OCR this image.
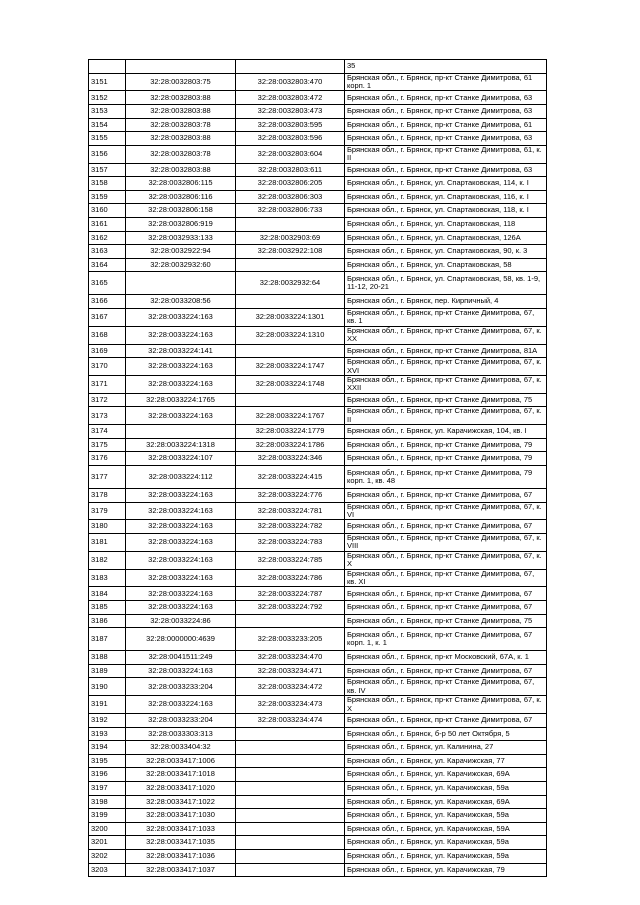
			35
3151	32:28:0032803:75	32:28:0032803:470	Брянская обл., г. Брянск, пр-кт Станке Димитрова, 61 корп. 1
3152	32:28:0032803:88	32:28:0032803:472	Брянская обл., г. Брянск, пр-кт Станке Димитрова, 63
3153	32:28:0032803:88	32:28:0032803:473	Брянская обл., г. Брянск, пр-кт Станке Димитрова, 63
3154	32:28:0032803:78	32:28:0032803:595	Брянская обл., г. Брянск, пр-кт Станке Димитрова, 61
3155	32:28:0032803:88	32:28:0032803:596	Брянская обл., г. Брянск, пр-кт Станке Димитрова, 63
3156	32:28:0032803:78	32:28:0032803:604	Брянская обл., г. Брянск, пр-кт Станке Димитрова, 61, к. II
3157	32:28:0032803:88	32:28:0032803:611	Брянская обл., г. Брянск, пр-кт Станке Димитрова, 63
3158	32:28:0032806:115	32:28:0032806:205	Брянская обл., г. Брянск, ул. Спартаковская, 114, к. I
3159	32:28:0032806:116	32:28:0032806:303	Брянская обл., г. Брянск, ул. Спартаковская, 116, к. I
3160	32:28:0032806:158	32:28:0032806:733	Брянская обл., г. Брянск, ул. Спартаковская, 118, к. I
3161	32:28:0032806:919		Брянская обл., г. Брянск, ул. Спартаковская, 118
3162	32:28:0032933:133	32:28:0032903:69	Брянская обл., г. Брянск, ул. Спартаковская, 126А
3163	32:28:0032922:94	32:28:0032922:108	Брянская обл., г. Брянск, ул. Спартаковская, 90, к. 3
3164	32:28:0032932:60		Брянская обл., г. Брянск, ул. Спартаковская, 58
3165		32:28:0032932:64	Брянская обл., г. Брянск, ул. Спартаковская, 58, кв. 1-9, 11-12, 20-21
3166	32:28:0033208:56		Брянская обл., г. Брянск, пер. Кирпичный, 4
3167	32:28:0033224:163	32:28:0033224:1301	Брянская обл., г. Брянск, пр-кт Станке Димитрова, 67, кв. 1
3168	32:28:0033224:163	32:28:0033224:1310	Брянская обл., г. Брянск, пр-кт Станке Димитрова, 67, к. XX
3169	32:28:0033224:141		Брянская обл., г. Брянск, пр-кт Станке Димитрова, 81А
3170	32:28:0033224:163	32:28:0033224:1747	Брянская обл., г. Брянск, пр-кт Станке Димитрова, 67, к. XVI
3171	32:28:0033224:163	32:28:0033224:1748	Брянская обл., г. Брянск, пр-кт Станке Димитрова, 67, к. XXII
3172	32:28:0033224:1765		Брянская обл., г. Брянск, пр-кт Станке Димитрова, 75
3173	32:28:0033224:163	32:28:0033224:1767	Брянская обл., г. Брянск, пр-кт Станке Димитрова, 67, к. II
3174		32:28:0033224:1779	Брянская обл., г. Брянск, ул. Карачижская, 104, кв. I
3175	32:28:0033224:1318	32:28:0033224:1786	Брянская обл., г. Брянск, пр-кт Станке Димитрова, 79
3176	32:28:0033224:107	32:28:0033224:346	Брянская обл., г. Брянск, пр-кт Станке Димитрова, 79
3177	32:28:0033224:112	32:28:0033224:415	Брянская обл., г. Брянск, пр-кт Станке Димитрова, 79 корп. 1, кв. 48
3178	32:28:0033224:163	32:28:0033224:776	Брянская обл., г. Брянск, пр-кт Станке Димитрова, 67
3179	32:28:0033224:163	32:28:0033224:781	Брянская обл., г. Брянск, пр-кт Станке Димитрова, 67, к. VI
3180	32:28:0033224:163	32:28:0033224:782	Брянская обл., г. Брянск, пр-кт Станке Димитрова, 67
3181	32:28:0033224:163	32:28:0033224:783	Брянская обл., г. Брянск, пр-кт Станке Димитрова, 67, к. VIII
3182	32:28:0033224:163	32:28:0033224:785	Брянская обл., г. Брянск, пр-кт Станке Димитрова, 67, к. X
3183	32:28:0033224:163	32:28:0033224:786	Брянская обл., г. Брянск, пр-кт Станке Димитрова, 67, кв. XI
3184	32:28:0033224:163	32:28:0033224:787	Брянская обл., г. Брянск, пр-кт Станке Димитрова, 67
3185	32:28:0033224:163	32:28:0033224:792	Брянская обл., г. Брянск, пр-кт Станке Димитрова, 67
3186	32:28:0033224:86		Брянская обл., г. Брянск, пр-кт Станке Димитрова, 75
3187	32:28:0000000:4639	32:28:0033233:205	Брянская обл., г. Брянск, пр-кт Станке Димитрова, 67 корп. 1, к. 1
3188	32:28:0041511:249	32:28:0033234:470	Брянская обл., г. Брянск, пр-кт Московский, 67А, к. 1
3189	32:28:0033224:163	32:28:0033234:471	Брянская обл., г. Брянск, пр-кт Станке Димитрова, 67
3190	32:28:0033233:204	32:28:0033234:472	Брянская обл., г. Брянск, пр-кт Станке Димитрова, 67, кв. IV
3191	32:28:0033224:163	32:28:0033234:473	Брянская обл., г. Брянск, пр-кт Станке Димитрова, 67, к. X
3192	32:28:0033233:204	32:28:0033234:474	Брянская обл., г. Брянск, пр-кт Станке Димитрова, 67
3193	32:28:0033303:313		Брянская обл., г. Брянск, б-р 50 лет Октября, 5
3194	32:28:0033404:32		Брянская обл., г. Брянск, ул. Калинина, 27
3195	32:28:0033417:1006		Брянская обл., г. Брянск, ул. Карачижская, 77
3196	32:28:0033417:1018		Брянская обл., г. Брянск, ул. Карачижская, 69А
3197	32:28:0033417:1020		Брянская обл., г. Брянск, ул. Карачижская, 59а
3198	32:28:0033417:1022		Брянская обл., г. Брянск, ул. Карачижская, 69А
3199	32:28:0033417:1030		Брянская обл., г. Брянск, ул. Карачижская, 59а
3200	32:28:0033417:1033		Брянская обл., г. Брянск, ул. Карачижская, 59А
3201	32:28:0033417:1035		Брянская обл., г. Брянск, ул. Карачижская, 59а
3202	32:28:0033417:1036		Брянская обл., г. Брянск, ул. Карачижская, 59а
3203	32:28:0033417:1037		Брянская обл., г. Брянск, ул. Карачижская, 79
